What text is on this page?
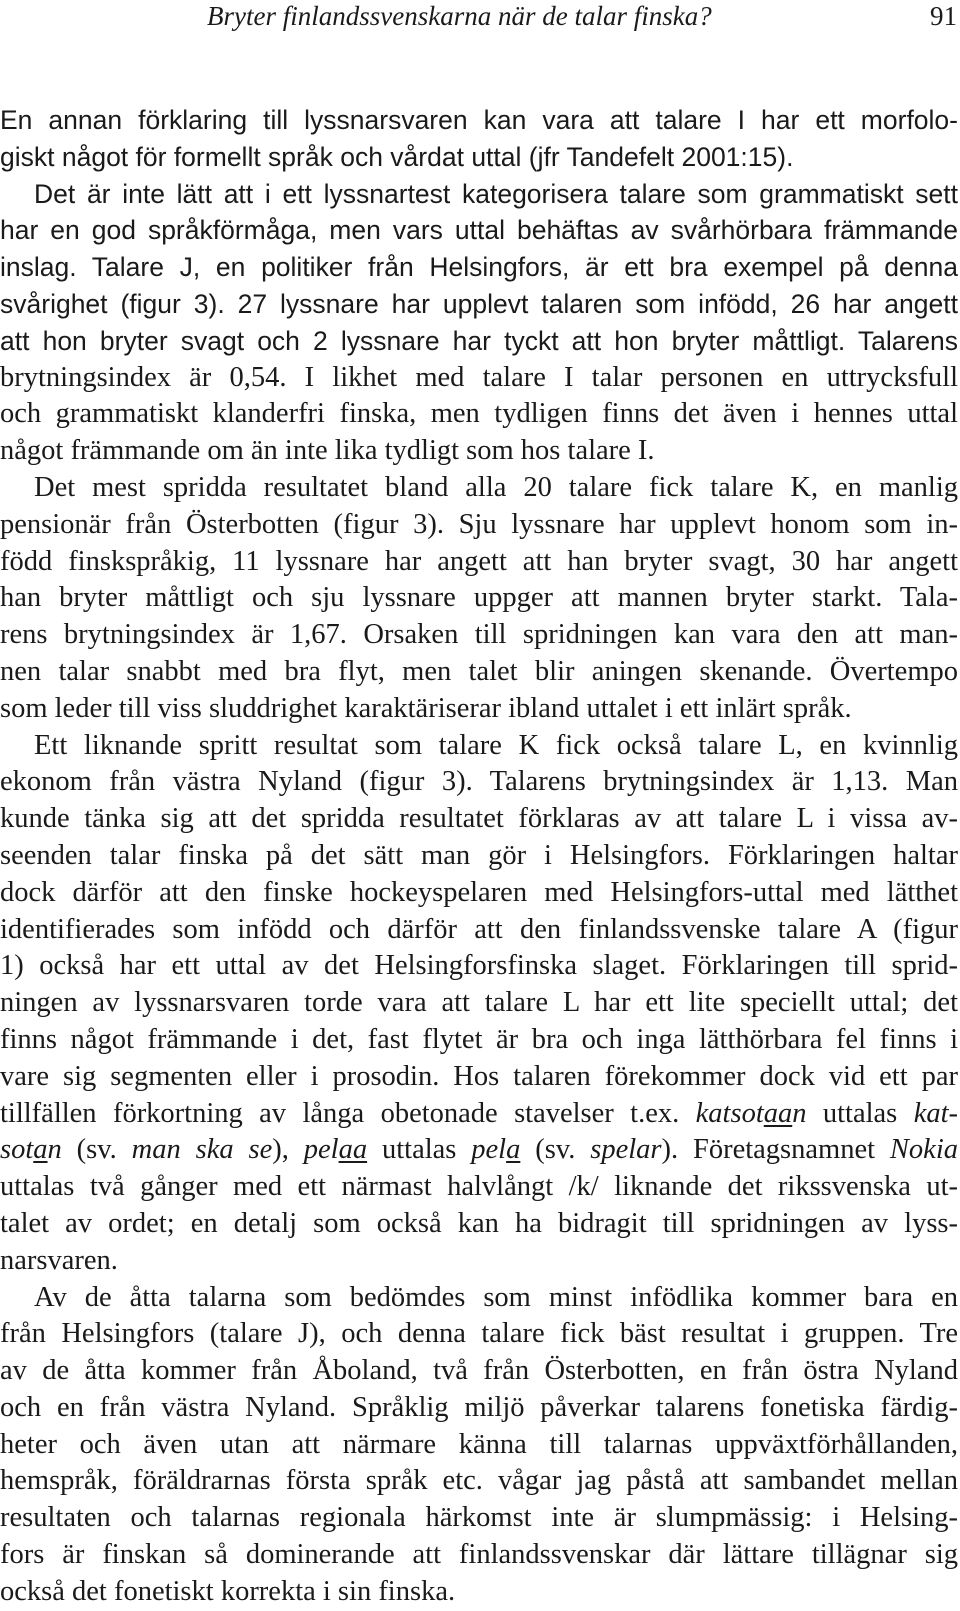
Bryter finlandssvenskarna när de talar finska?	91
En annan förklaring till lyssnarsvaren kan vara att talare I har ett morfolo-
giskt något för formellt språk och vårdat uttal (jfr Tandefelt 2001:15).
Det är inte lätt att i ett lyssnartest kategorisera talare som grammatiskt sett
har en god språkförmåga, men vars uttal behäftas av svårhörbara främmande
inslag. Talare J, en politiker från Helsingfors, är ett bra exempel på denna
svårighet (figur 3). 27 lyssnare har upplevt talaren som infödd, 26 har angett
att hon bryter svagt och 2 lyssnare har tyckt att hon bryter måttligt. Talarens
brytningsindex är 0,54. I likhet med talare I talar personen en uttrycksfull
och grammatiskt klanderfri finska, men tydligen finns det även i hennes uttal
något främmande om än inte lika tydligt som hos talare I.
Det mest spridda resultatet bland alla 20 talare fick talare K, en manlig
pensionär från Österbotten (figur 3). Sju lyssnare har upplevt honom som in-
född finskspråkig, 11 lyssnare har angett att han bryter svagt, 30 har angett
han bryter måttligt och sju lyssnare uppger att mannen bryter starkt. Tala-
rens brytningsindex är 1,67. Orsaken till spridningen kan vara den att man-
nen talar snabbt med bra flyt, men talet blir aningen skenande. Övertempo
som leder till viss sluddrighet karaktäriserar ibland uttalet i ett inlärt språk.
Ett liknande spritt resultat som talare K fick också talare L, en kvinnlig
ekonom från västra Nyland (figur 3). Talarens brytningsindex är 1,13. Man
kunde tänka sig att det spridda resultatet förklaras av att talare L i vissa av-
seenden talar finska på det sätt man gör i Helsingfors. Förklaringen haltar
dock därför att den finske hockeyspelaren med Helsingfors-uttal med lätthet
identifierades som infödd och därför att den finlandssvenske talare A (figur
1) också har ett uttal av det Helsingforsfinska slaget. Förklaringen till sprid-
ningen av lyssnarsvaren torde vara att talare L har ett lite speciellt uttal; det
finns något främmande i det, fast flytet är bra och inga lätthörbara fel finns i
vare sig segmenten eller i prosodin. Hos talaren förekommer dock vid ett par
tillfällen förkortning av långa obetonade stavelser t.ex. katsotaan uttalas kat-
sotan (sv. man ska se), pelaa uttalas pela (sv. spelar). Företagsnamnet Nokia
uttalas två gånger med ett närmast halvlångt /k/ liknande det rikssvenska ut-
talet av ordet; en detalj som också kan ha bidragit till spridningen av lyss-
narsvaren.
Av de åtta talarna som bedömdes som minst infödlika kommer bara en
från Helsingfors (talare J), och denna talare fick bäst resultat i gruppen. Tre
av de åtta kommer från Åboland, två från Österbotten, en från östra Nyland
och en från västra Nyland. Språklig miljö påverkar talarens fonetiska färdig-
heter och även utan att närmare känna till talarnas uppväxtförhållanden,
hemspråk, föräldrarnas första språk etc. vågar jag påstå att sambandet mellan
resultaten och talarnas regionala härkomst inte är slumpmässig: i Helsing-
fors är finskan så dominerande att finlandssvenskar där lättare tillägnar sig
också det fonetiskt korrekta i sin finska.
